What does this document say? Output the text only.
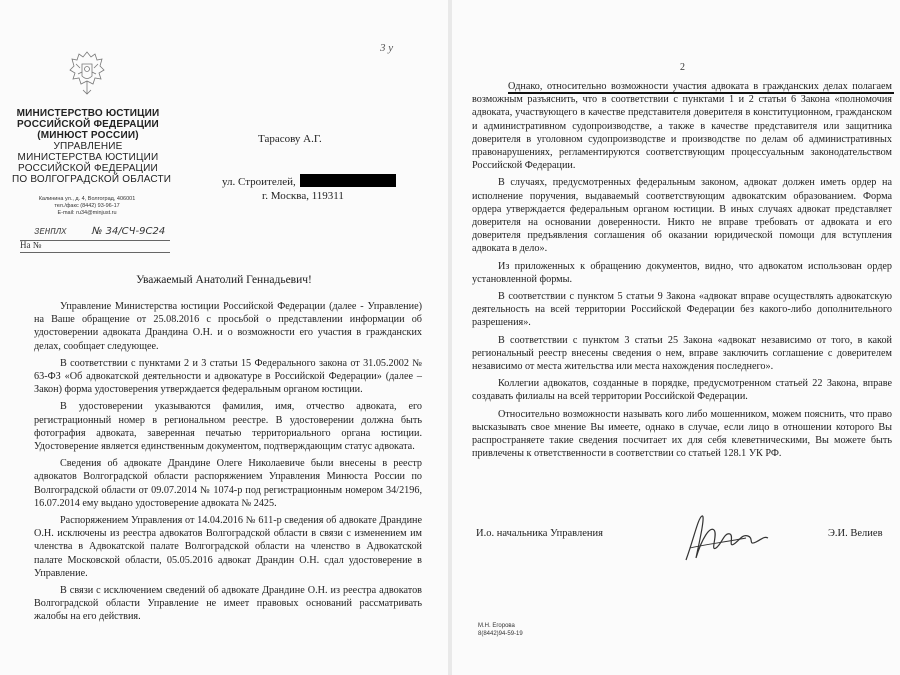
3 у
МИНИСТЕРСТВО ЮСТИЦИИ
РОССИЙСКОЙ ФЕДЕРАЦИИ
(МИНЮСТ РОССИИ)
УПРАВЛЕНИЕ
МИНИСТЕРСТВА ЮСТИЦИИ
РОССИЙСКОЙ ФЕДЕРАЦИИ
ПО ВОЛГОГРАДСКОЙ ОБЛАСТИ
Калинина ул., д. 4, Волгоград, 406001
тел./факс (8442) 93-96-17
E-mail: ru34@minjust.ru
3ЕНПЛХ	№ 34/СЧ-9С24
На №
Тарасову А.Г.
ул. Строителей,
г. Москва, 119311
Уважаемый Анатолий Геннадьевич!

Управление Министерства юстиции Российской Федерации (далее - Управление) на Ваше обращение от 25.08.2016 с просьбой о представлении информации об удостоверении адвоката Драндина О.Н. и о возможности его участия в гражданских делах, сообщает следующее.

В соответствии с пунктами 2 и 3 статьи 15 Федерального закона от 31.05.2002 № 63-ФЗ «Об адвокатской деятельности и адвокатуре в Российской Федерации» (далее – Закон) форма удостоверения утверждается федеральным органом юстиции.

В удостоверении указываются фамилия, имя, отчество адвоката, его регистрационный номер в региональном реестре. В удостоверении должна быть фотография адвоката, заверенная печатью территориального органа юстиции. Удостоверение является единственным документом, подтверждающим статус адвоката.

Сведения об адвокате Драндине Олеге Николаевиче были внесены в реестр адвокатов Волгоградской области распоряжением Управления Минюста России по Волгоградской области от 09.07.2014 № 1074-р под регистрационным номером 34/2196, 16.07.2014 ему выдано удостоверение адвоката № 2425.

Распоряжением Управления от 14.04.2016 № 611-р сведения об адвокате Драндине О.Н. исключены из реестра адвокатов Волгоградской области в связи с изменением им членства в Адвокатской палате Волгоградской области на членство в Адвокатской палате Московской области, 05.05.2016 адвокат Драндин О.Н. сдал удостоверение в Управление.

В связи с исключением сведений об адвокате Драндине О.Н. из реестра адвокатов Волгоградской области Управление не имеет правовых оснований рассматривать жалобы на его действия.

2

Однако, относительно возможности участия адвоката в гражданских делах полагаем возможным разъяснить, что в соответствии с пунктами 1 и 2 статьи 6 Закона «полномочия адвоката, участвующего в качестве представителя доверителя в конституционном, гражданском и административном судопроизводстве, а также в качестве представителя или защитника доверителя в уголовном судопроизводстве и производстве по делам об административных правонарушениях, регламентируются соответствующим процессуальным законодательством Российской Федерации.

В случаях, предусмотренных федеральным законом, адвокат должен иметь ордер на исполнение поручения, выдаваемый соответствующим адвокатским образованием. Форма ордера утверждается федеральным органом юстиции. В иных случаях адвокат представляет доверителя на основании доверенности. Никто не вправе требовать от адвоката и его доверителя предъявления соглашения об оказании юридической помощи для вступления адвоката в дело».

Из приложенных к обращению документов, видно, что адвокатом использован ордер установленной формы.

В соответствии с пунктом 5 статьи 9 Закона «адвокат вправе осуществлять адвокатскую деятельность на всей территории Российской Федерации без какого-либо дополнительного разрешения».

В соответствии с пунктом 3 статьи 25 Закона «адвокат независимо от того, в какой региональный реестр внесены сведения о нем, вправе заключить соглашение с доверителем независимо от места жительства или места нахождения последнего».

Коллегии адвокатов, созданные в порядке, предусмотренном статьей 22 Закона, вправе создавать филиалы на всей территории Российской Федерации.

Относительно возможности называть кого либо мошенником, можем пояснить, что право высказывать свое мнение Вы имеете, однако в случае, если лицо в отношении которого Вы распространяете такие сведения посчитает их для себя клеветническими, Вы можете быть привлечены к ответственности в соответствии со статьей 128.1 УК РФ.

И.о. начальника Управления	Э.И. Велиев
М.Н. Егорова
8(8442)94-59-19
